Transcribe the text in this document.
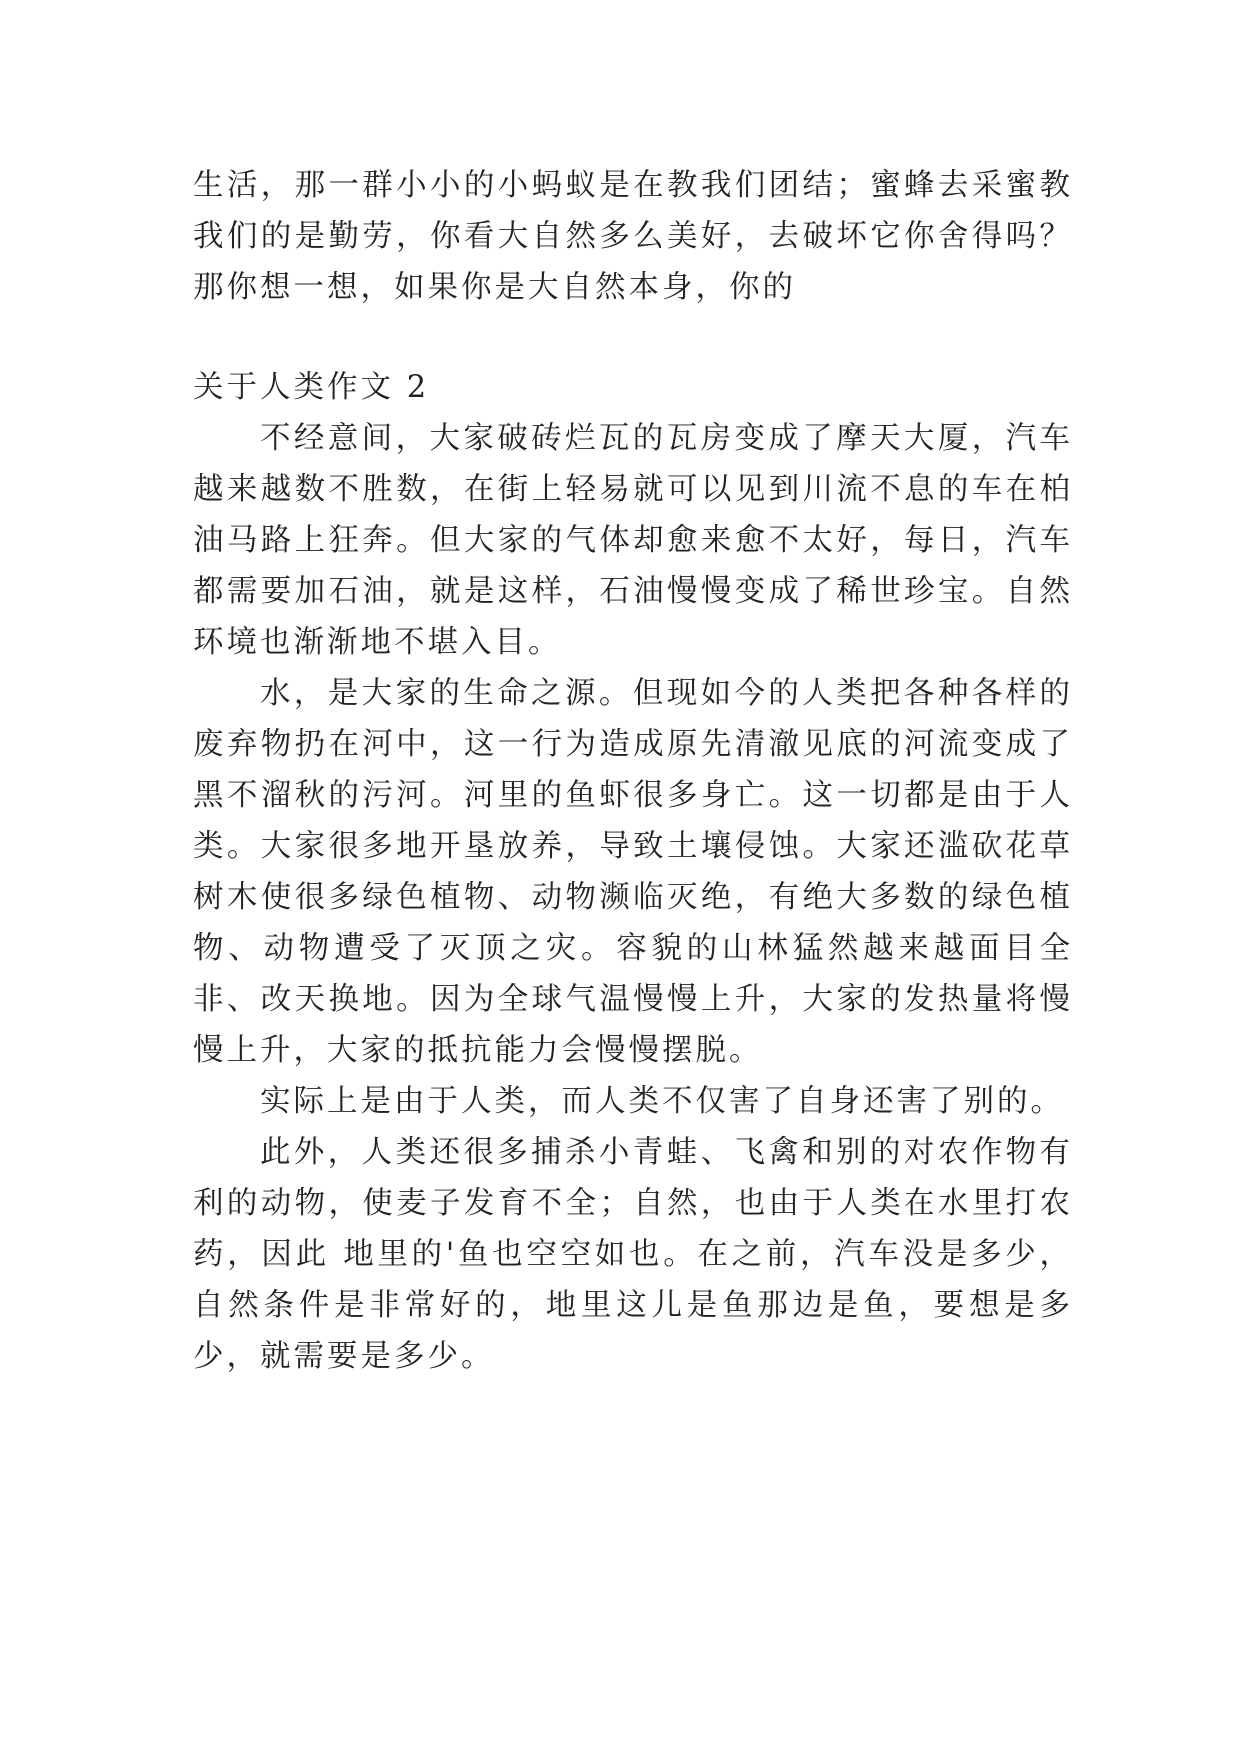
生活，那一群小小的小蚂蚁是在教我们团结；蜜蜂去采蜜教我们的是勤劳，你看大自然多么美好，去破坏它你舍得吗？那你想一想，如果你是大自然本身，你的

关于人类作文 2

不经意间，大家破砖烂瓦的瓦房变成了摩天大厦，汽车越来越数不胜数，在街上轻易就可以见到川流不息的车在柏油马路上狂奔。但大家的气体却愈来愈不太好，每日，汽车都需要加石油，就是这样，石油慢慢变成了稀世珍宝。自然环境也渐渐地不堪入目。

水，是大家的生命之源。但现如今的人类把各种各样的废弃物扔在河中，这一行为造成原先清澈见底的河流变成了黑不溜秋的污河。河里的鱼虾很多身亡。这一切都是由于人类。大家很多地开垦放养，导致土壤侵蚀。大家还滥砍花草树木使很多绿色植物、动物濒临灭绝，有绝大多数的绿色植物、动物遭受了灭顶之灾。容貌的山林猛然越来越面目全非、改天换地。因为全球气温慢慢上升，大家的发热量将慢慢上升，大家的抵抗能力会慢慢摆脱。

实际上是由于人类，而人类不仅害了自身还害了别的。

此外，人类还很多捕杀小青蛙、飞禽和别的对农作物有利的动物，使麦子发育不全；自然，也由于人类在水里打农药，因此 地里的'鱼也空空如也。在之前，汽车没是多少，自然条件是非常好的，地里这儿是鱼那边是鱼，要想是多少，就需要是多少。
